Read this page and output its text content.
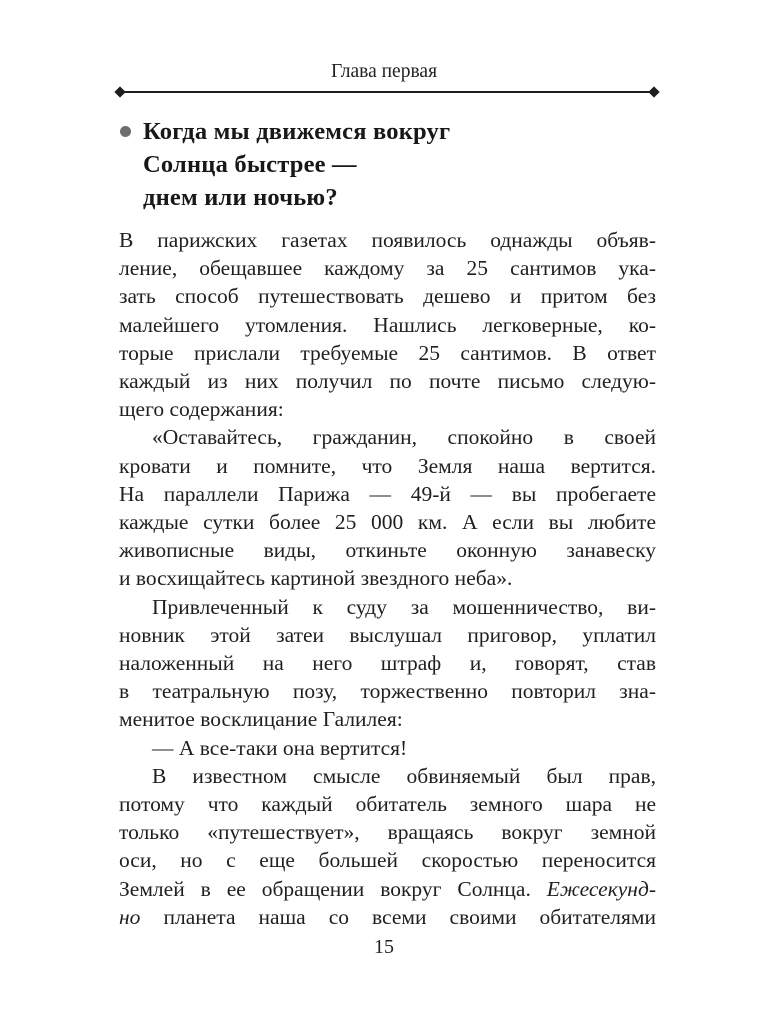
Глава первая
Когда мы движемся вокруг
Солнца быстрее —
днем или ночью?
В парижских газетах появилось однажды объяв-
ление, обещавшее каждому за 25 сантимов ука-
зать способ путешествовать дешево и притом без
малейшего утомления. Нашлись легковерные, ко-
торые прислали требуемые 25 сантимов. В ответ
каждый из них получил по почте письмо следую-
щего содержания:
«Оставайтесь, гражданин, спокойно в своей
кровати и помните, что Земля наша вертится.
На параллели Парижа — 49-й — вы пробегаете
каждые сутки более 25 000 км. А если вы любите
живописные виды, откиньте оконную занавеску
и восхищайтесь картиной звездного неба».
Привлеченный к суду за мошенничество, ви-
новник этой затеи выслушал приговор, уплатил
наложенный на него штраф и, говорят, став
в театральную позу, торжественно повторил зна-
менитое восклицание Галилея:
— А все-таки она вертится!
В известном смысле обвиняемый был прав,
потому что каждый обитатель земного шара не
только «путешествует», вращаясь вокруг земной
оси, но с еще большей скоростью переносится
Землей в ее обращении вокруг Солнца. Ежесекунд-
но планета наша со всеми своими обитателями
15
